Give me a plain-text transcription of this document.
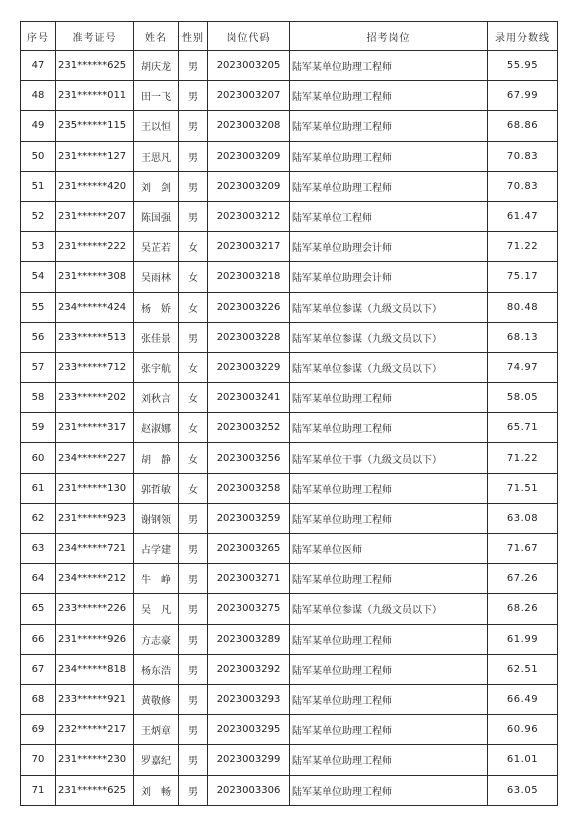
序号	准考证号	姓名	性别	岗位代码	招考岗位	录用分数线
47	231******625	胡庆龙	男	2023003205	陆军某单位助理工程师	55.95
48	231******011	田一飞	男	2023003207	陆军某单位助理工程师	67.99
49	235******115	王以恒	男	2023003208	陆军某单位助理工程师	68.86
50	231******127	王思凡	男	2023003209	陆军某单位助理工程师	70.83
51	231******420	刘　剑	男	2023003209	陆军某单位助理工程师	70.83
52	231******207	陈国强	男	2023003212	陆军某单位工程师	61.47
53	231******222	吴芷若	女	2023003217	陆军某单位助理会计师	71.22
54	231******308	吴雨林	女	2023003218	陆军某单位助理会计师	75.17
55	234******424	杨　娇	女	2023003226	陆军某单位参谋（九级文员以下）	80.48
56	233******513	张佳景	男	2023003228	陆军某单位参谋（九级文员以下）	68.13
57	233******712	张宇航	女	2023003229	陆军某单位参谋（九级文员以下）	74.97
58	233******202	刘秋言	女	2023003241	陆军某单位助理工程师	58.05
59	231******317	赵淑娜	女	2023003252	陆军某单位助理工程师	65.71
60	234******227	胡　静	女	2023003256	陆军某单位干事（九级文员以下）	71.22
61	231******130	郭哲敏	女	2023003258	陆军某单位助理工程师	71.51
62	231******923	谢钢领	男	2023003259	陆军某单位助理工程师	63.08
63	234******721	占学建	男	2023003265	陆军某单位医师	71.67
64	234******212	牛　峥	男	2023003271	陆军某单位助理工程师	67.26
65	233******226	吴　凡	男	2023003275	陆军某单位参谋（九级文员以下）	68.26
66	231******926	方志豪	男	2023003289	陆军某单位助理工程师	61.99
67	234******818	杨东浩	男	2023003292	陆军某单位助理工程师	62.51
68	233******921	黄敬修	男	2023003293	陆军某单位助理工程师	66.49
69	232******217	王炳章	男	2023003295	陆军某单位助理工程师	60.96
70	231******230	罗嘉纪	男	2023003299	陆军某单位助理工程师	61.01
71	231******625	刘　畅	男	2023003306	陆军某单位助理工程师	63.05
